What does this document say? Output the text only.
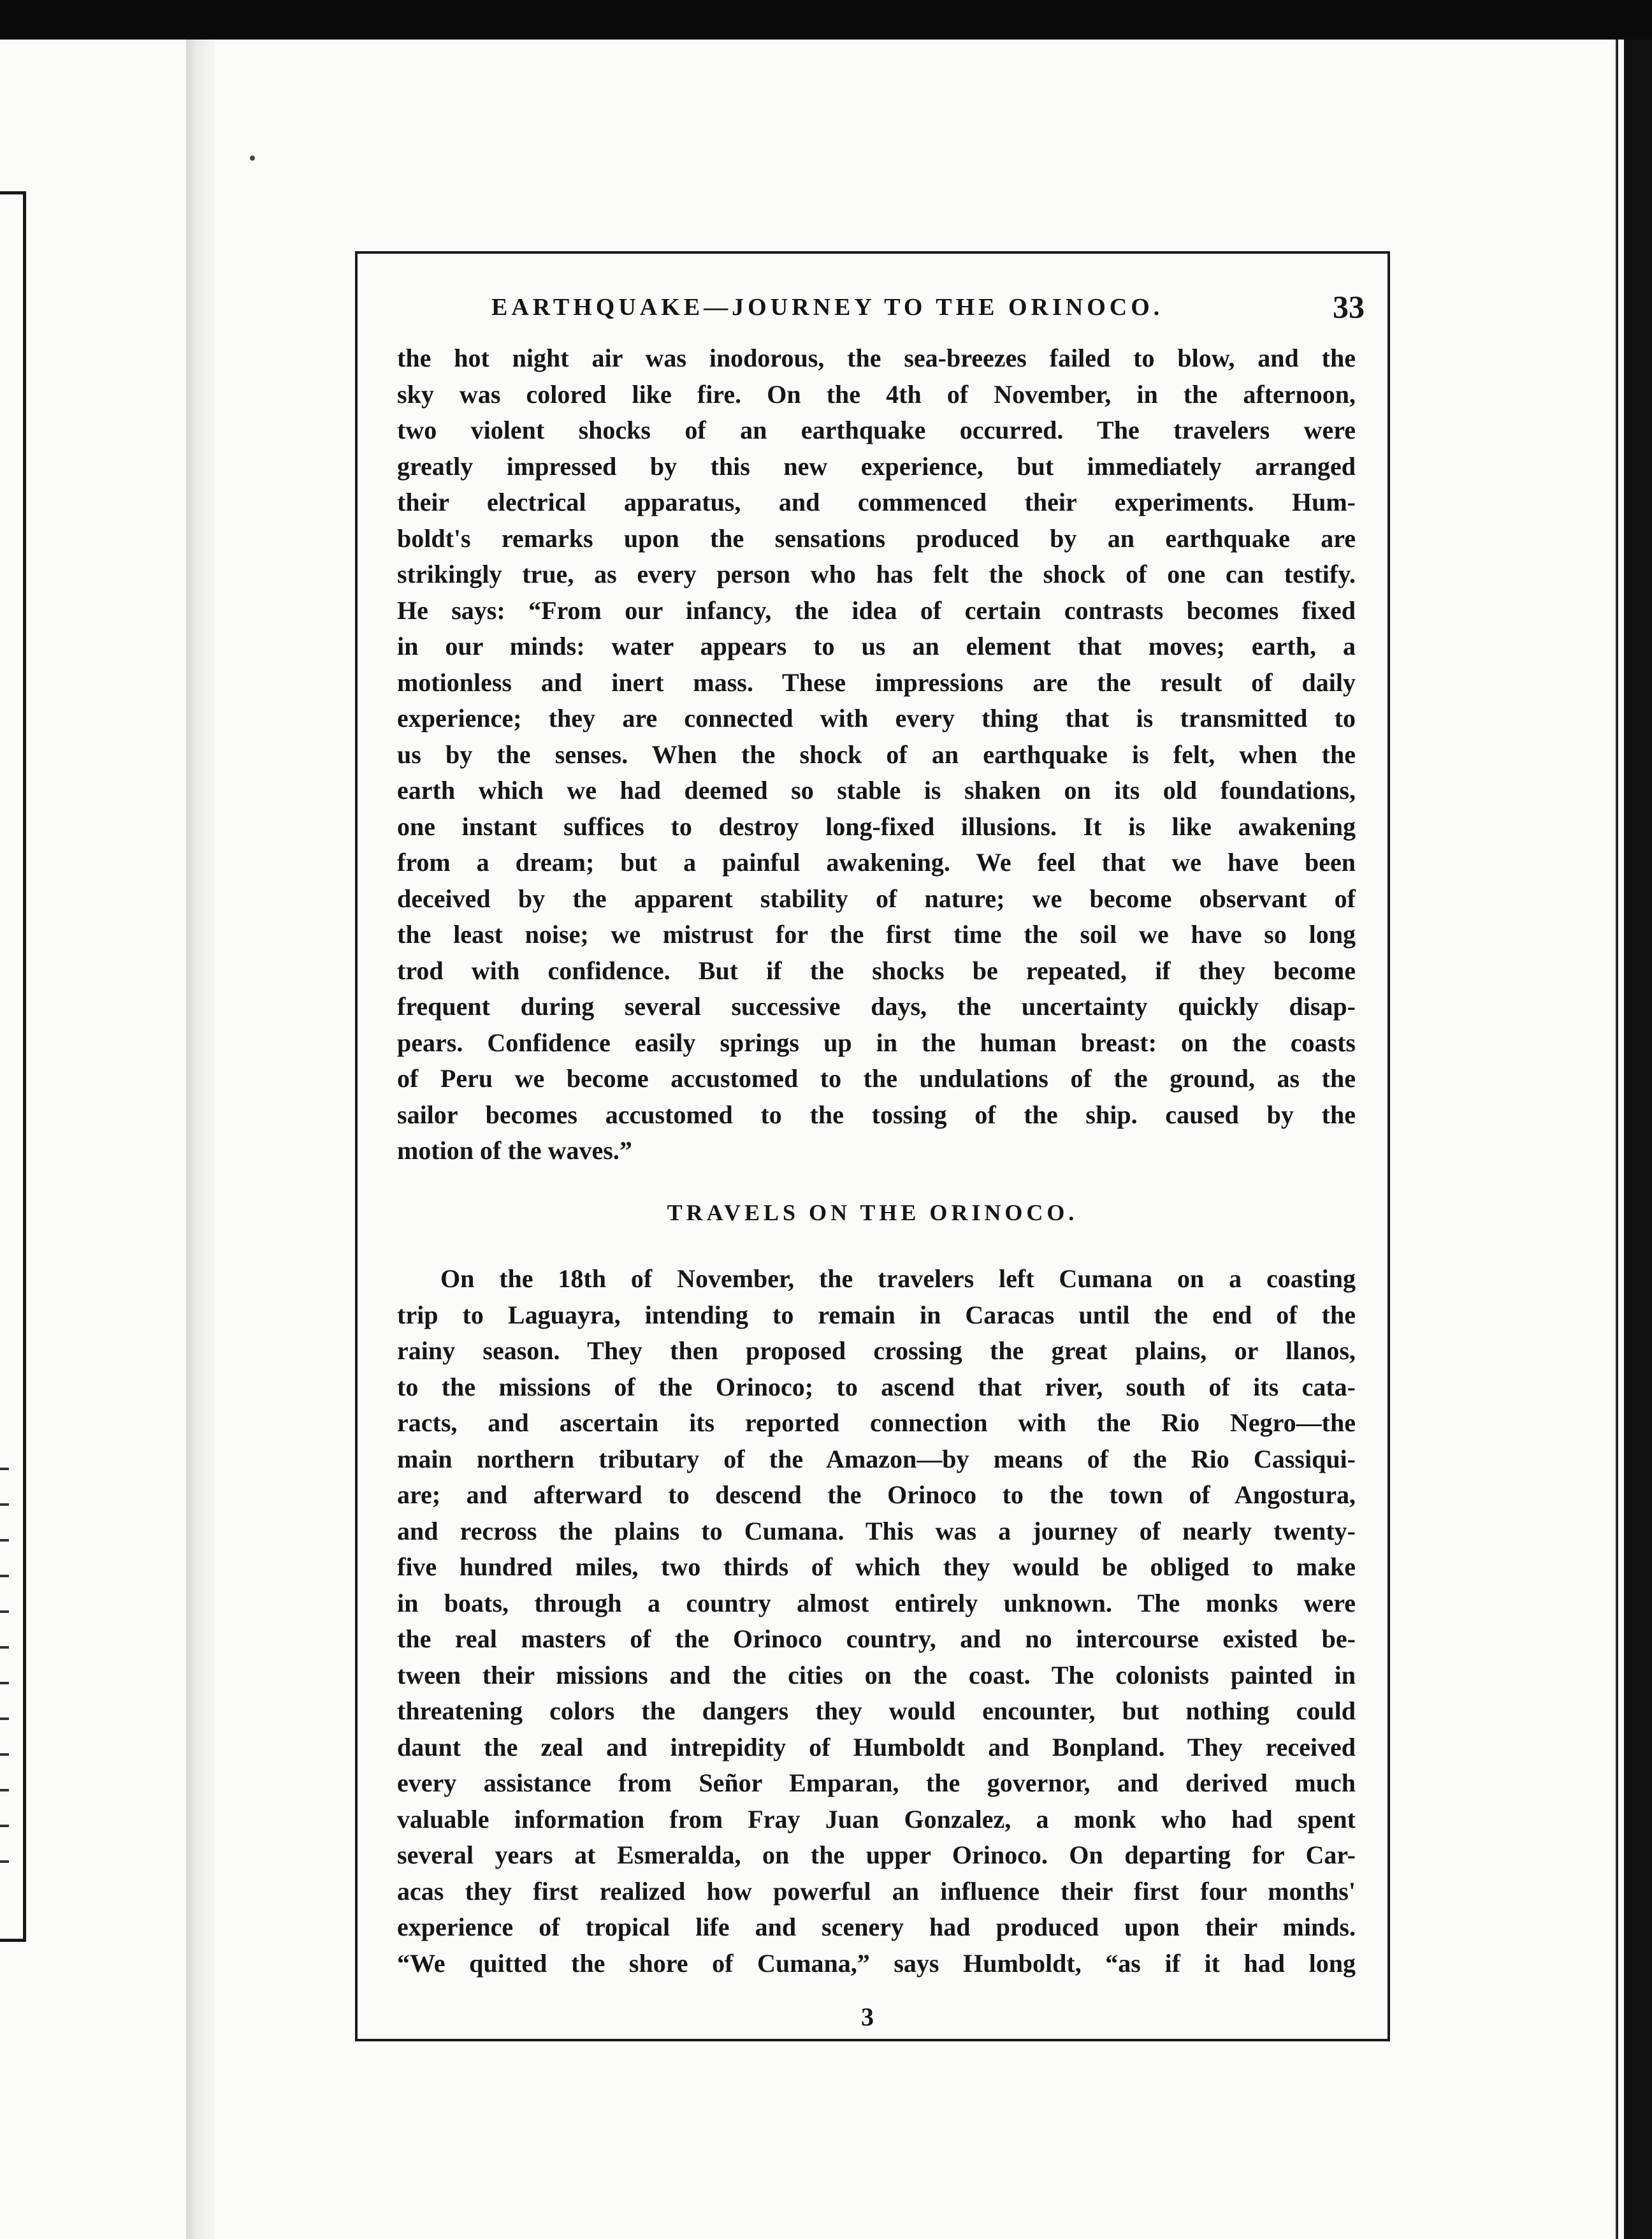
EARTHQUAKE—JOURNEY TO THE ORINOCO.	33
the hot night air was inodorous, the sea-breezes failed to blow, and the
sky was colored like fire. On the 4th of November, in the afternoon,
two violent shocks of an earthquake occurred. The travelers were
greatly impressed by this new experience, but immediately arranged
their electrical apparatus, and commenced their experiments. Hum-
boldt's remarks upon the sensations produced by an earthquake are
strikingly true, as every person who has felt the shock of one can testify.
He says: “From our infancy, the idea of certain contrasts becomes fixed
in our minds: water appears to us an element that moves; earth, a
motionless and inert mass. These impressions are the result of daily
experience; they are connected with every thing that is transmitted to
us by the senses. When the shock of an earthquake is felt, when the
earth which we had deemed so stable is shaken on its old foundations,
one instant suffices to destroy long-fixed illusions. It is like awakening
from a dream; but a painful awakening. We feel that we have been
deceived by the apparent stability of nature; we become observant of
the least noise; we mistrust for the first time the soil we have so long
trod with confidence. But if the shocks be repeated, if they become
frequent during several successive days, the uncertainty quickly disap-
pears. Confidence easily springs up in the human breast: on the coasts
of Peru we become accustomed to the undulations of the ground, as the
sailor becomes accustomed to the tossing of the ship. caused by the
motion of the waves.”
TRAVELS ON THE ORINOCO.
On the 18th of November, the travelers left Cumana on a coasting
trip to Laguayra, intending to remain in Caracas until the end of the
rainy season. They then proposed crossing the great plains, or llanos,
to the missions of the Orinoco; to ascend that river, south of its cata-
racts, and ascertain its reported connection with the Rio Negro—the
main northern tributary of the Amazon—by means of the Rio Cassiqui-
are; and afterward to descend the Orinoco to the town of Angostura,
and recross the plains to Cumana. This was a journey of nearly twenty-
five hundred miles, two thirds of which they would be obliged to make
in boats, through a country almost entirely unknown. The monks were
the real masters of the Orinoco country, and no intercourse existed be-
tween their missions and the cities on the coast. The colonists painted in
threatening colors the dangers they would encounter, but nothing could
daunt the zeal and intrepidity of Humboldt and Bonpland. They received
every assistance from Señor Emparan, the governor, and derived much
valuable information from Fray Juan Gonzalez, a monk who had spent
several years at Esmeralda, on the upper Orinoco. On departing for Car-
acas they first realized how powerful an influence their first four months'
experience of tropical life and scenery had produced upon their minds.
“We quitted the shore of Cumana,” says Humboldt, “as if it had long
3
